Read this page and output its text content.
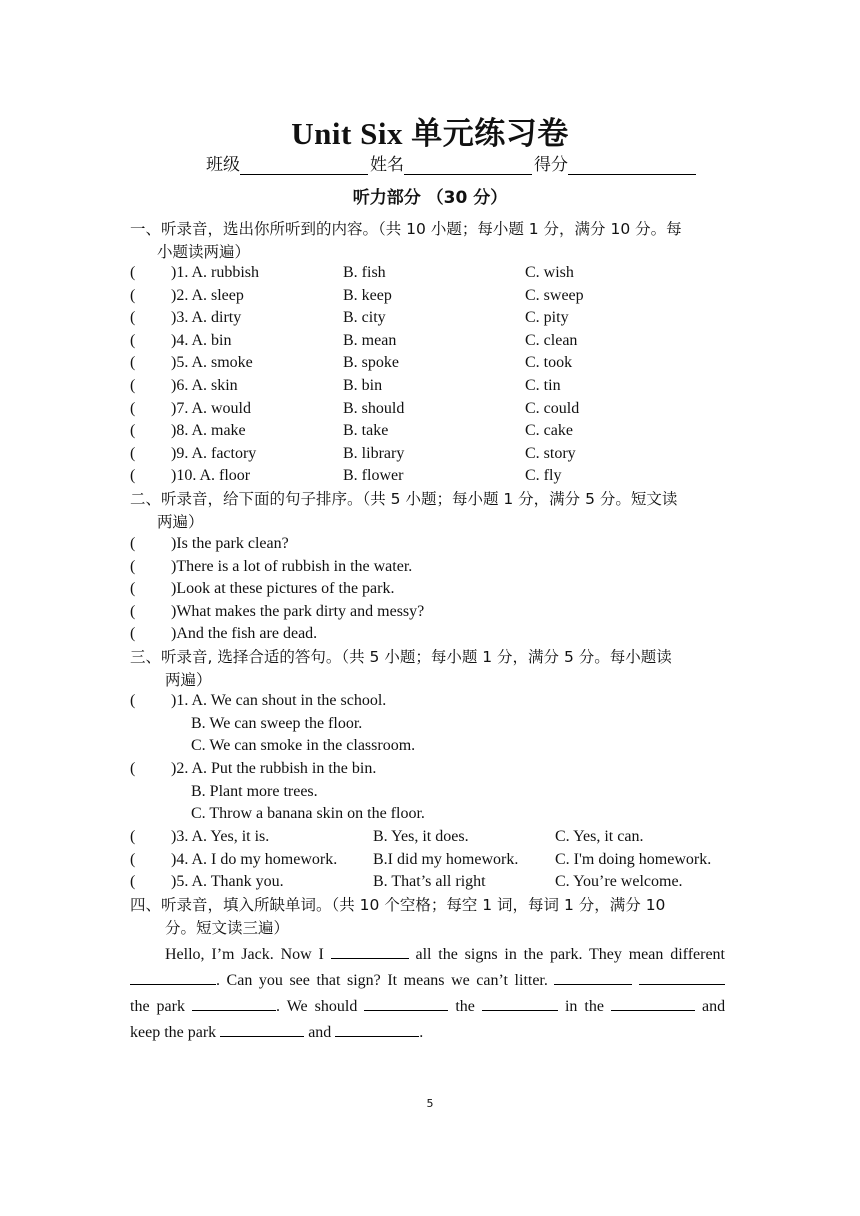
Unit Six 单元练习卷
班级	姓名	得分
听力部分 （30 分）
一、听录音，选出你所听到的内容。（共 10 小题；每小题 1 分，满分 10 分。每
小题读两遍）
( )1. A. rubbish	B. fish	C. wish
( )2. A. sleep	B. keep	C. sweep
( )3. A. dirty	B. city	C. pity
( )4. A. bin	B. mean	C. clean
( )5. A. smoke	B. spoke	C. took
( )6. A. skin	B. bin	C. tin
( )7. A. would	B. should	C. could
( )8. A. make	B. take	C. cake
( )9. A. factory	B. library	C. story
( )10. A. floor	B. flower	C. fly
二、听录音，给下面的句子排序。（共 5 小题；每小题 1 分，满分 5 分。短文读
两遍）
( )Is the park clean?
( )There is a lot of rubbish in the water.
( )Look at these pictures of the park.
( )What makes the park dirty and messy?
( )And the fish are dead.
三、听录音, 选择合适的答句。（共 5 小题；每小题 1 分，满分 5 分。每小题读
两遍）
( )1. A. We can shout in the school.
B. We can sweep the floor.
C. We can smoke in the classroom.
( )2. A. Put the rubbish in the bin.
B. Plant more trees.
C. Throw a banana skin on the floor.
( )3. A. Yes, it is.	B. Yes, it does.	C. Yes, it can.
( )4. A. I do my homework. B.I did my homework. C. I'm doing homework.
( )5. A. Thank you.	B. That’s all right	C. You’re welcome.
四、听录音，填入所缺单词。（共 10 个空格；每空 1 词，每词 1 分，满分 10
分。短文读三遍）

Hello, I’m Jack. Now I	all the signs in the park. They mean different

. Can you see that sign? It means we can’t litter.

the park	. We should	the	in the	and

keep the park	and	.

5
